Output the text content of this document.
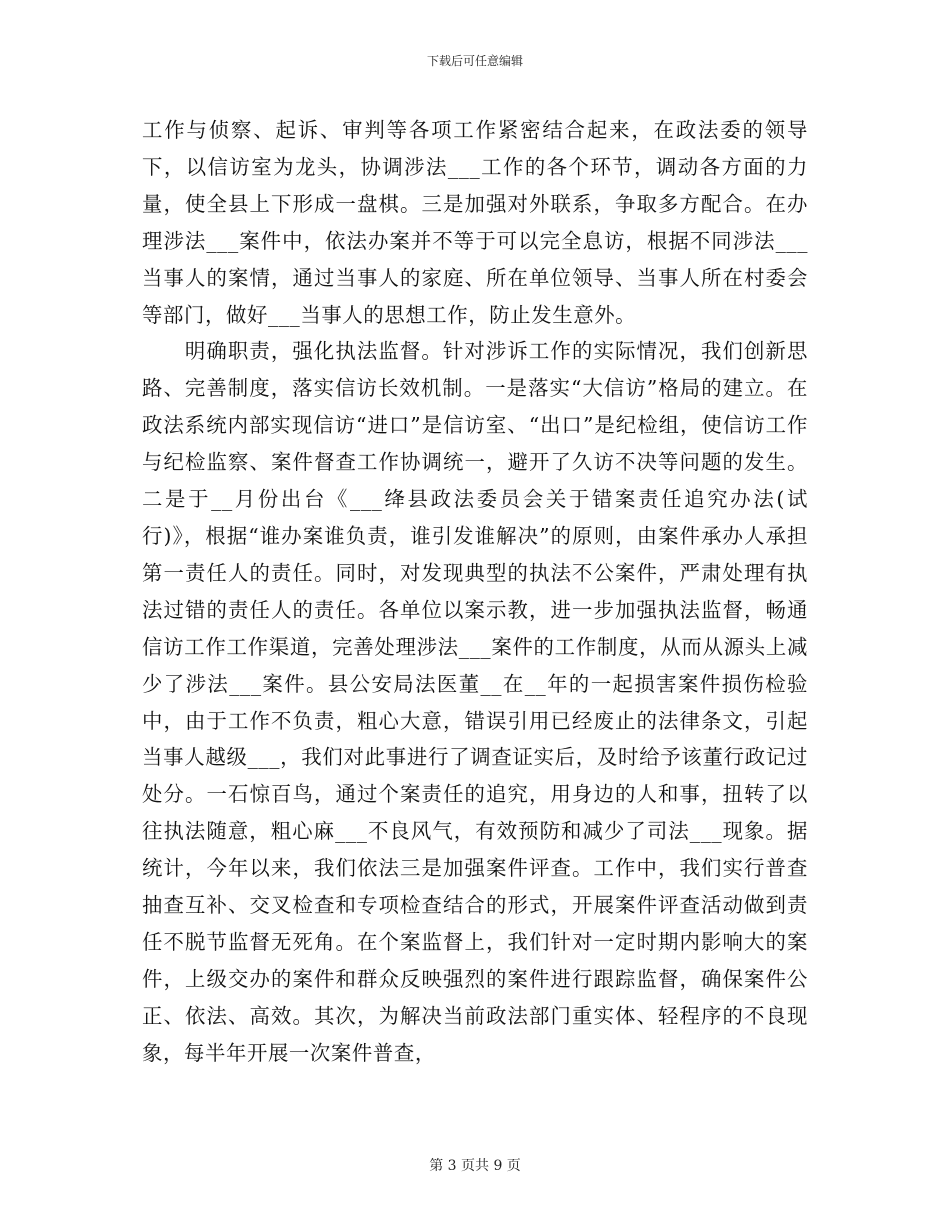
下载后可任意编辑

工作与侦察、起诉、审判等各项工作紧密结合起来，在政法委的领导下，以信访室为龙头，协调涉法___工作的各个环节，调动各方面的力量，使全县上下形成一盘棋。三是加强对外联系，争取多方配合。在办理涉法___案件中，依法办案并不等于可以完全息访，根据不同涉法___当事人的案情，通过当事人的家庭、所在单位领导、当事人所在村委会等部门，做好___当事人的思想工作，防止发生意外。

明确职责，强化执法监督。针对涉诉工作的实际情况，我们创新思路、完善制度，落实信访长效机制。一是落实“大信访”格局的建立。在政法系统内部实现信访“进口”是信访室、“出口”是纪检组，使信访工作与纪检监察、案件督查工作协调统一，避开了久访不决等问题的发生。二是于__月份出台《___绛县政法委员会关于错案责任追究办法(试行)》，根据“谁办案谁负责，谁引发谁解决”的原则，由案件承办人承担第一责任人的责任。同时，对发现典型的执法不公案件，严肃处理有执法过错的责任人的责任。各单位以案示教，进一步加强执法监督，畅通信访工作工作渠道，完善处理涉法___案件的工作制度，从而从源头上减少了涉法___案件。县公安局法医董__在__年的一起损害案件损伤检验中，由于工作不负责，粗心大意，错误引用已经废止的法律条文，引起当事人越级___，我们对此事进行了调查证实后，及时给予该董行政记过处分。一石惊百鸟，通过个案责任的追究，用身边的人和事，扭转了以往执法随意，粗心麻___不良风气，有效预防和减少了司法___现象。据统计，今年以来，我们依法三是加强案件评查。工作中，我们实行普查抽查互补、交叉检查和专项检查结合的形式，开展案件评查活动做到责任不脱节监督无死角。在个案监督上，我们针对一定时期内影响大的案件，上级交办的案件和群众反映强烈的案件进行跟踪监督，确保案件公正、依法、高效。其次，为解决当前政法部门重实体、轻程序的不良现象，每半年开展一次案件普查，

第 3 页共 9 页
